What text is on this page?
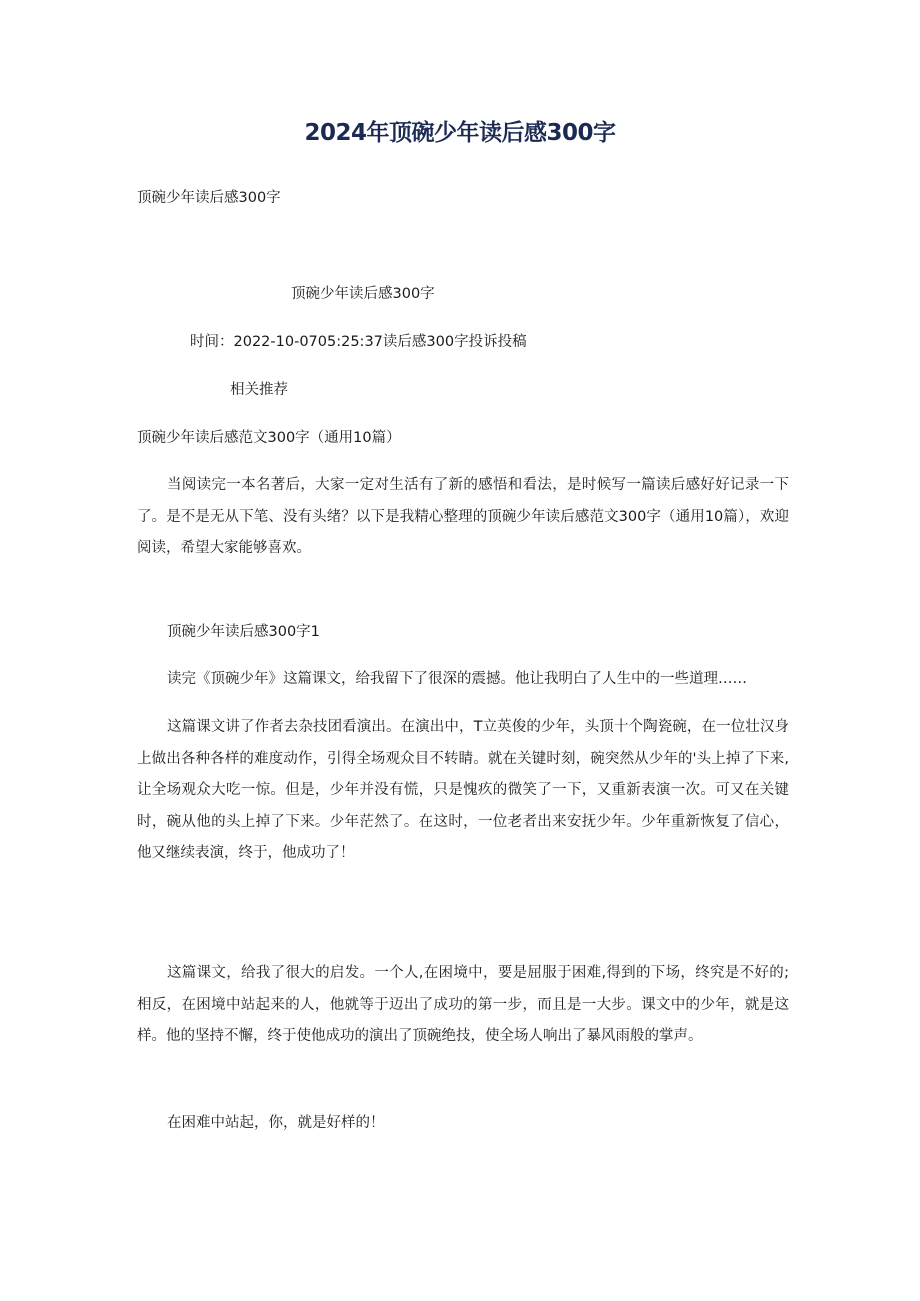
2024年顶碗少年读后感300字
顶碗少年读后感300字
顶碗少年读后感300字
时间：2022-10-0705:25:37读后感300字投诉投稿
相关推荐
顶碗少年读后感范文300字（通用10篇）
当阅读完一本名著后，大家一定对生活有了新的感悟和看法，是时候写一篇读后感好好记录一下了。是不是无从下笔、没有头绪？以下是我精心整理的顶碗少年读后感范文300字（通用10篇），欢迎阅读，希望大家能够喜欢。
顶碗少年读后感300字1
读完《顶碗少年》这篇课文，给我留下了很深的震撼。他让我明白了人生中的一些道理……
这篇课文讲了作者去杂技团看演出。在演出中，T立英俊的少年，头顶十个陶瓷碗，在一位壮汉身上做出各种各样的难度动作，引得全场观众目不转睛。就在关键时刻，碗突然从少年的'头上掉了下来,让全场观众大吃一惊。但是，少年并没有慌，只是愧疚的微笑了一下，又重新表演一次。可又在关键时，碗从他的头上掉了下来。少年茫然了。在这时，一位老者出来安抚少年。少年重新恢复了信心，他又继续表演，终于，他成功了！
这篇课文，给我了很大的启发。一个人,在困境中，要是屈服于困难,得到的下场，终究是不好的;相反，在困境中站起来的人，他就等于迈出了成功的第一步，而且是一大步。课文中的少年，就是这样。他的坚持不懈，终于使他成功的演出了顶碗绝技，使全场人响出了暴风雨般的掌声。
在困难中站起，你，就是好样的！
